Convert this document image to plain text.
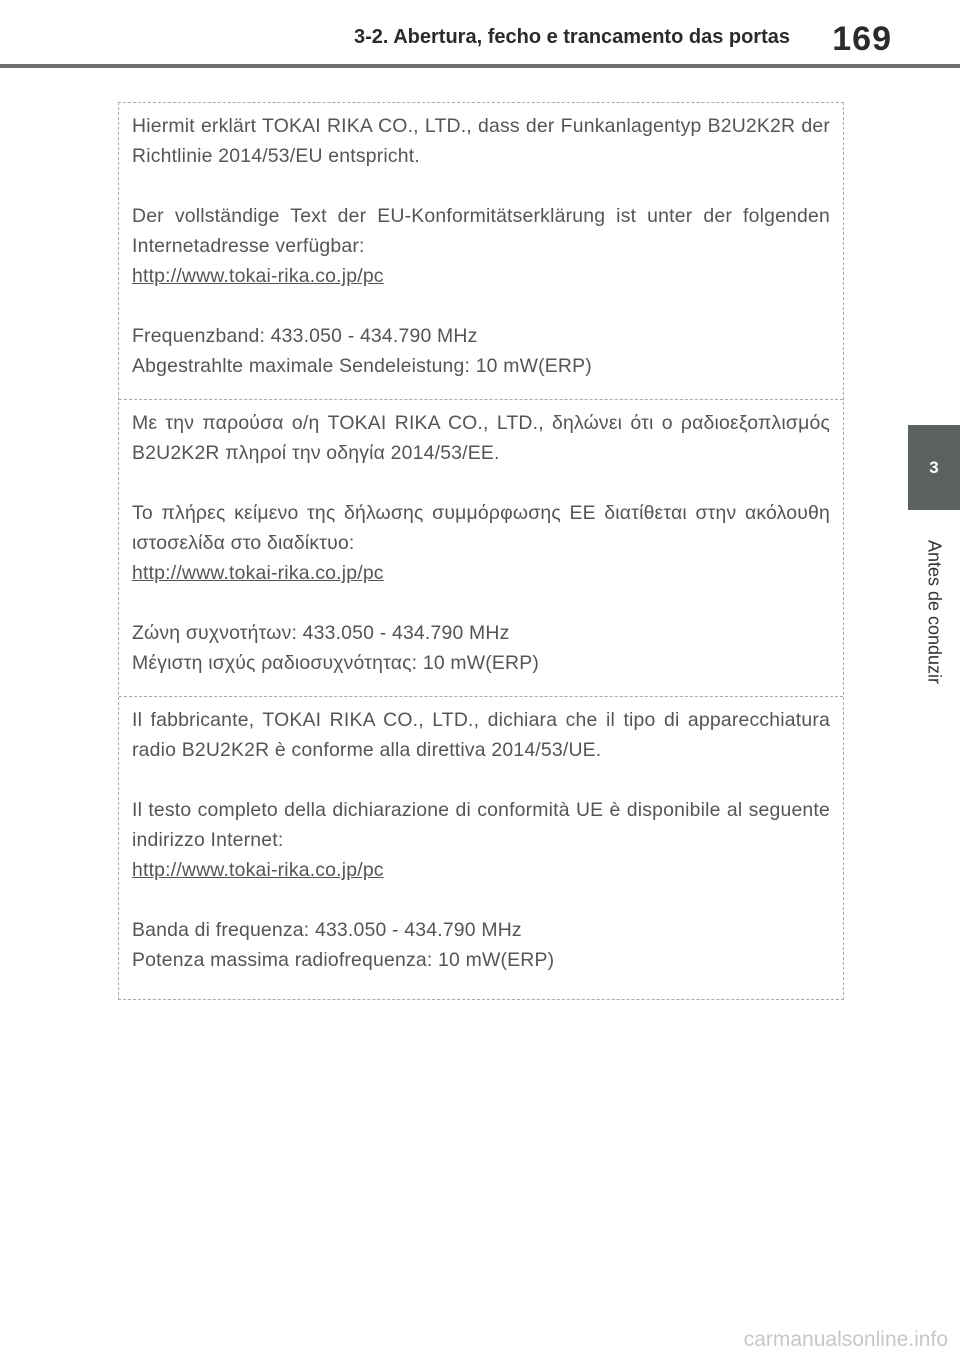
3-2. Abertura, fecho e trancamento das portas 169
3
Antes de conduzir

Hiermit erklärt TOKAI RIKA CO., LTD., dass der Funkanlagentyp B2U2K2R der Richtlinie 2014/53/EU entspricht.

Der vollständige Text der EU-Konformitätserklärung ist unter der folgenden Internetadresse verfügbar:

http://www.tokai-rika.co.jp/pc

Frequenzband: 433.050 - 434.790 MHz

Abgestrahlte maximale Sendeleistung: 10 mW(ERP)

Με την παρούσα ο/η TOKAI RIKA CO., LTD., δηλώνει ότι ο ραδιοεξοπλισμός B2U2K2R πληροί την οδηγία 2014/53/ΕΕ.

Το πλήρες κείμενο της δήλωσης συμμόρφωσης ΕΕ διατίθεται στην ακόλουθη ιστοσελίδα στο διαδίκτυο:

http://www.tokai-rika.co.jp/pc

Ζώνη συχνοτήτων: 433.050 - 434.790 MHz

Μέγιστη ισχύς ραδιοσυχνότητας: 10 mW(ERP)

Il fabbricante, TOKAI RIKA CO., LTD., dichiara che il tipo di apparecchiatura radio B2U2K2R è conforme alla direttiva 2014/53/UE.

Il testo completo della dichiarazione di conformità UE è disponibile al seguente indirizzo Internet:

http://www.tokai-rika.co.jp/pc

Banda di frequenza: 433.050 - 434.790 MHz

Potenza massima radiofrequenza: 10 mW(ERP)

carmanualsonline.info
